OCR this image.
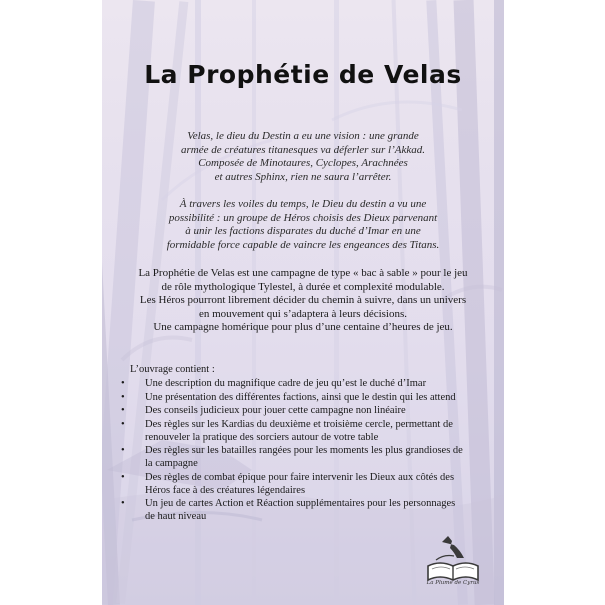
La Prophétie de Velas

Velas, le dieu du Destin a eu une vision : une grande
armée de créatures titanesques va déferler sur l’Akkad.
Composée de Minotaures, Cyclopes, Arachnées
et autres Sphinx, rien ne saura l’arrêter.

À travers les voiles du temps, le Dieu du destin a vu une
possibilité : un groupe de Héros choisis des Dieux parvenant
à unir les factions disparates du duché d’Imar en une
formidable force capable de vaincre les engeances des Titans.

La Prophétie de Velas est une campagne de type « bac à sable » pour le jeu
de rôle mythologique Tylestel, à durée et complexité modulable.
Les Héros pourront librement décider du chemin à suivre, dans un univers
en mouvement qui s’adaptera à leurs décisions.
Une campagne homérique pour plus d’une centaine d’heures de jeu.

L’ouvrage contient :

• Une description du magnifique cadre de jeu qu’est le duché d’Imar
• Une présentation des différentes factions, ainsi que le destin qui les attend
• Des conseils judicieux pour jouer cette campagne non linéaire
• Des règles sur les Kardias du deuxième et troisième cercle, permettant de
renouveler la pratique des sorciers autour de votre table
• Des règles sur les batailles rangées pour les moments les plus grandioses de
la campagne
• Des règles de combat épique pour faire intervenir les Dieux aux côtés des
Héros face à des créatures légendaires
• Un jeu de cartes Action et Réaction supplémentaires pour les personnages
de haut niveau
La Plume de Cyrus
